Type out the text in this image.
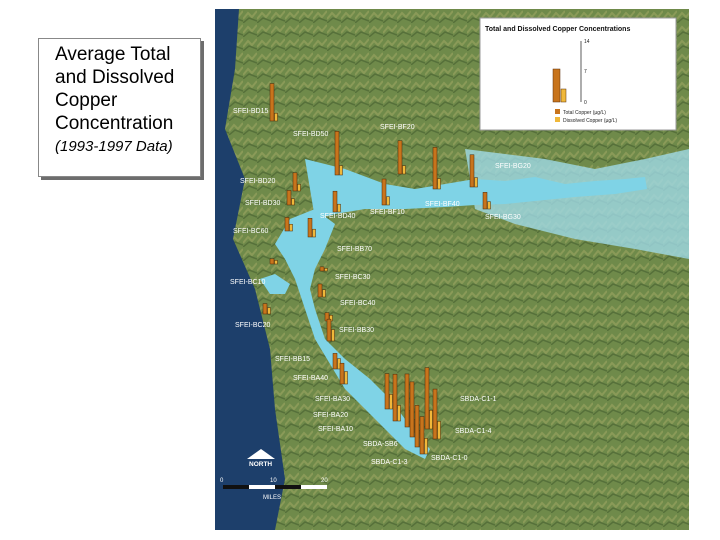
Average Total
and Dissolved
Copper
Concentration
(1993-1997 Data)
Total and Dissolved Copper Concentrations
14
7
0
Total Copper (µg/L)
Dissolved Copper (µg/L)
SFEI-BD15
SFEI-BD50
SFEI-BF20
SFEI-BD20
SFEI-BG20
SFEI-BD30
SFEI-BD40
SFEI-BF10
SFEI-BF40
SFEI-BG30
SFEI-BC60
SFEI-BB70
SFEI-BC10
SFEI-BC30
SFEI-BC40
SFEI-BC20
SFEI-BB30
SFEI-BB15
SFEI-BA40
SFEI-BA30
SFEI-BA20
SFEI-BA10
SBDA-SB6
SBDA-C1-3
SBDA-C1-1
SBDA-C1-4
SBDA-C1-0
NORTH
0	10	20
MILES
